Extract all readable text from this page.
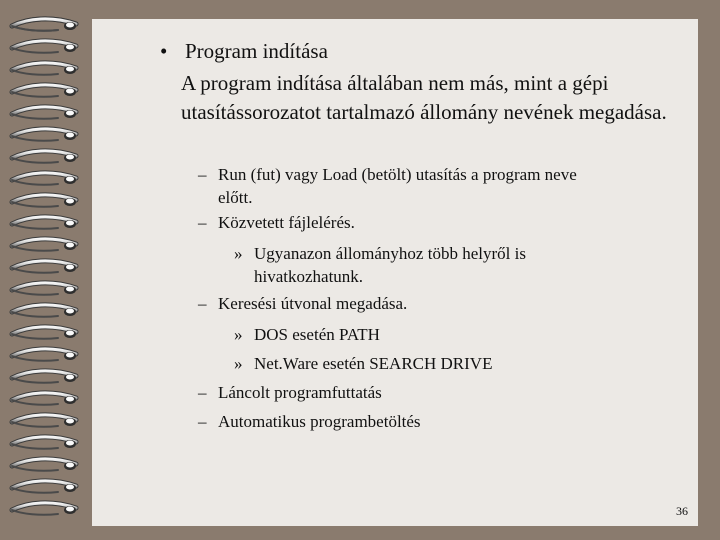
• Program indítása
A program indítása általában nem más, mint a gépi utasítássorozatot tartalmazó állomány nevének megadása.
– Run (fut) vagy Load (betölt) utasítás a program neve
előtt.
– Közvetett fájlelérés.
» Ugyanazon állományhoz több helyről is
hivatkozhatunk.
– Keresési útvonal megadása.
» DOS esetén PATH
» Net.Ware esetén SEARCH DRIVE
– Láncolt programfuttatás
– Automatikus programbetöltés
36
